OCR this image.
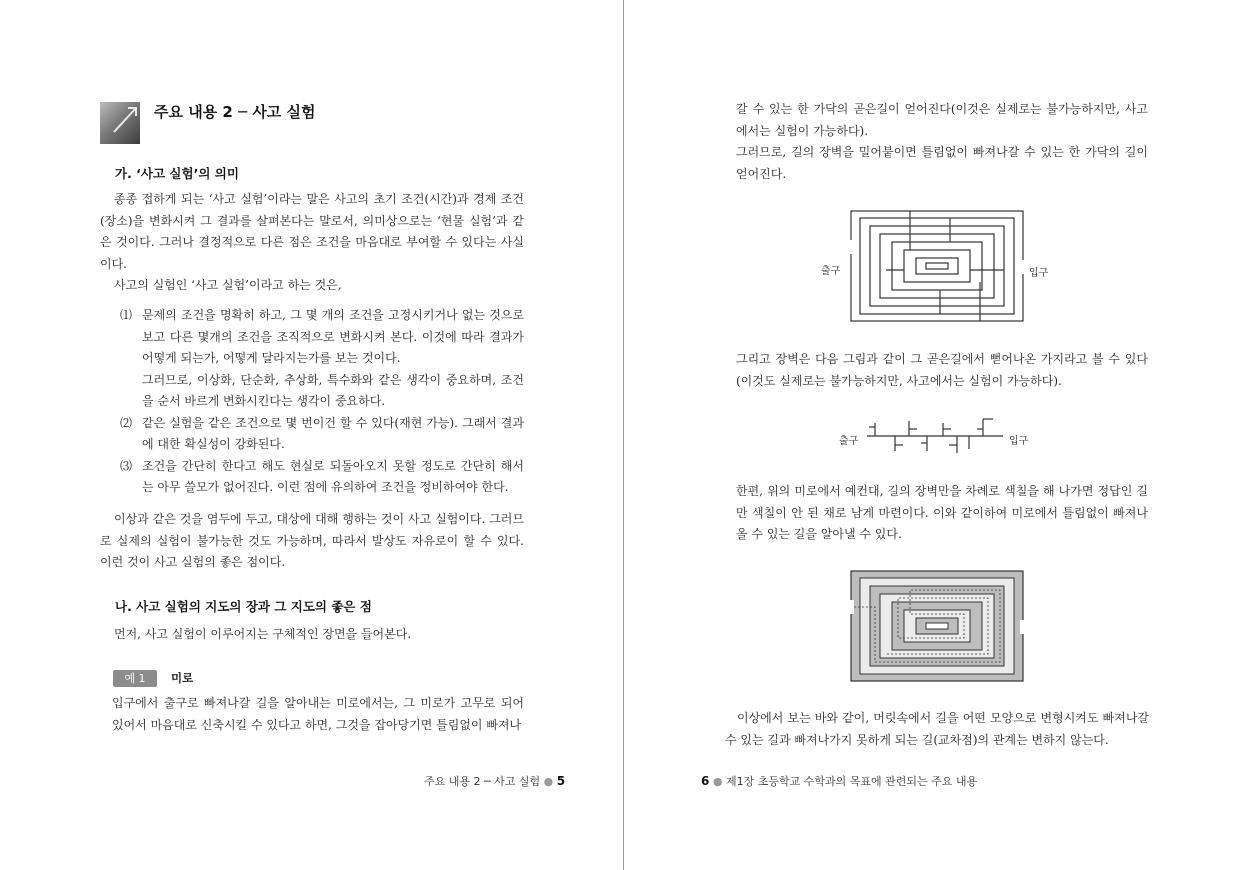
주요 내용 2 ─ 사고 실험
가. ‘사고 실험’의 의미

종종 접하게 되는 ‘사고 실험’이라는 말은 사고의 초기 조건(시간)과 경제 조건(장소)을 변화시켜 그 결과를 살펴본다는 말로서, 의미상으로는 ‘현물 실험’과 같은 것이다. 그러나 결정적으로 다른 점은 조건을 마음대로 부여할 수 있다는 사실이다.

사고의 실험인 ‘사고 실험’이라고 하는 것은,

⑴ 문제의 조건을 명확히 하고, 그 몇 개의 조건을 고정시키거나 없는 것으로 보고 다른 몇개의 조건을 조직적으로 변화시켜 본다. 이것에 따라 결과가 어떻게 되는가, 어떻게 달라지는가를 보는 것이다.

그러므로, 이상화, 단순화, 추상화, 특수화와 같은 생각이 중요하며, 조건을 순서 바르게 변화시킨다는 생각이 중요하다.

⑵ 같은 실험을 같은 조건으로 몇 번이건 할 수 있다(재현 가능). 그래서 결과에 대한 확실성이 강화된다.

⑶ 조건을 간단히 한다고 해도 현실로 되돌아오지 못할 정도로 간단히 해서는 아무 쓸모가 없어진다. 이런 점에 유의하여 조건을 정비하여야 한다.

이상과 같은 것을 염두에 두고, 대상에 대해 행하는 것이 사고 실험이다. 그러므로 실제의 실험이 불가능한 것도 가능하며, 따라서 발상도 자유로이 할 수 있다. 이런 것이 사고 실험의 좋은 점이다.

나. 사고 실험의 지도의 장과 그 지도의 좋은 점

먼저, 사고 실험이 이루어지는 구체적인 장면을 들어본다.

예 1	미로

입구에서 출구로 빠져나갈 길을 알아내는 미로에서는, 그 미로가 고무로 되어 있어서 마음대로 신축시킬 수 있다고 하면, 그것을 잡아당기면 틀림없이 빠져나

주요 내용 2 ─ 사고 실험 ● 5

갈 수 있는 한 가닥의 곧은길이 얻어진다(이것은 실제로는 불가능하지만, 사고에서는 실험이 가능하다).

그러므로, 길의 장벽을 밀어붙이면 틀림없이 빠져나갈 수 있는 한 가닥의 길이 얻어진다.

출구	입구

그리고 장벽은 다음 그림과 같이 그 곧은길에서 뻗어나온 가지라고 볼 수 있다(이것도 실제로는 불가능하지만, 사고에서는 실험이 가능하다).

출구	입구

한편, 위의 미로에서 예컨대, 길의 장벽만을 차례로 색칠을 해 나가면 정답인 길만 색칠이 안 된 채로 남게 마련이다. 이와 같이하여 미로에서 틀림없이 빠져나올 수 있는 길을 알아낼 수 있다.

이상에서 보는 바와 같이, 머릿속에서 길을 어떤 모양으로 변형시켜도 빠져나갈 수 있는 길과 빠져나가지 못하게 되는 길(교차점)의 관계는 변하지 않는다.

6 ● 제1장 초등학교 수학과의 목표에 관련되는 주요 내용
